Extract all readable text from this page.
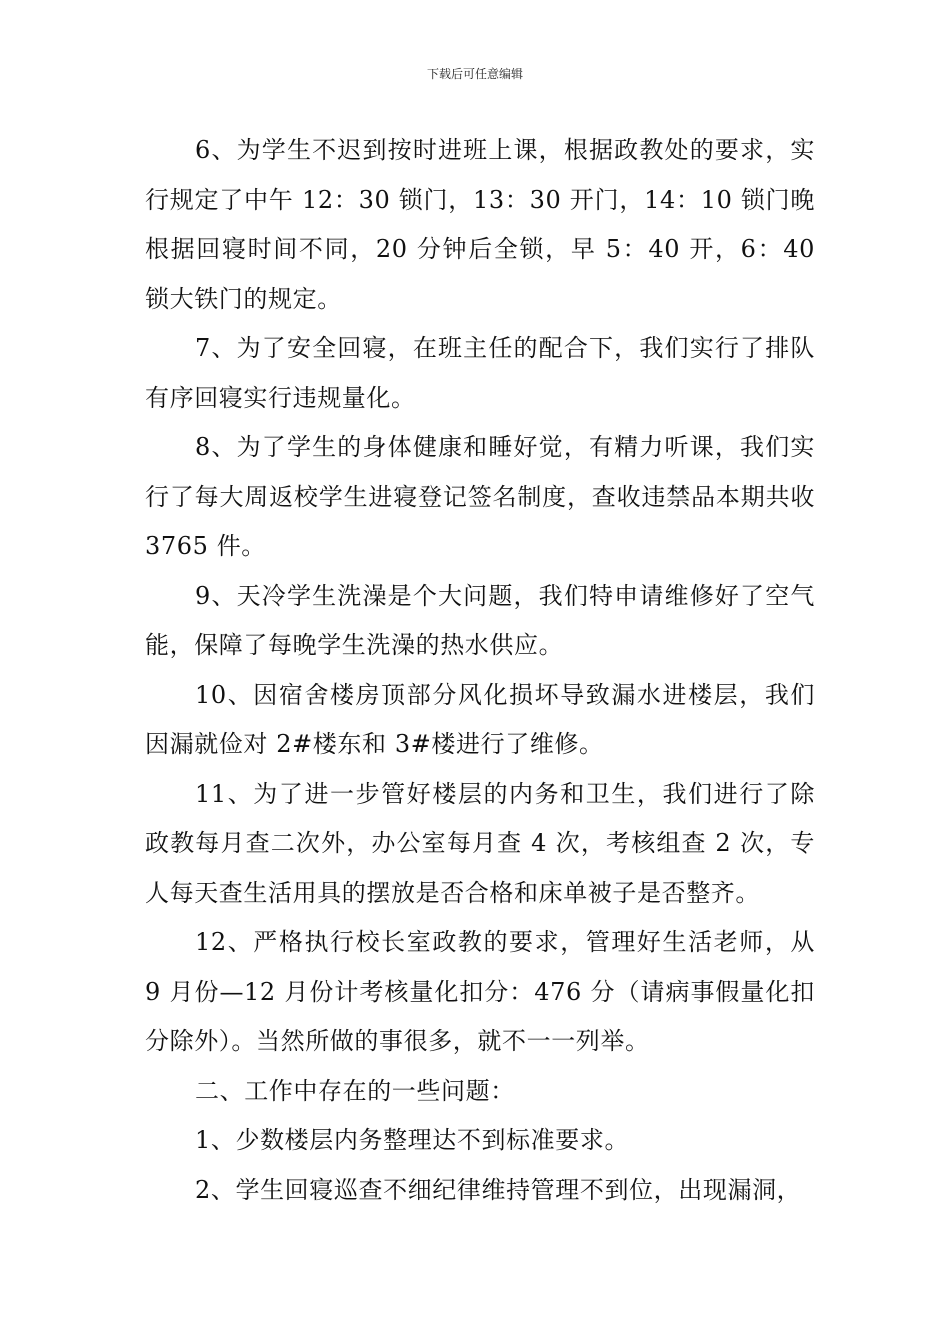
下载后可任意编辑

6、为学生不迟到按时进班上课，根据政教处的要求，实行规定了中午 12：30 锁门，13：30 开门，14：10 锁门晚根据回寝时间不同，20 分钟后全锁，早 5：40 开，6：40 锁大铁门的规定。

7、为了安全回寝，在班主任的配合下，我们实行了排队有序回寝实行违规量化。

8、为了学生的身体健康和睡好觉，有精力听课，我们实行了每大周返校学生进寝登记签名制度，查收违禁品本期共收 3765 件。

9、天冷学生洗澡是个大问题，我们特申请维修好了空气能，保障了每晚学生洗澡的热水供应。

10、因宿舍楼房顶部分风化损坏导致漏水进楼层，我们因漏就俭对 2#楼东和 3#楼进行了维修。

11、为了进一步管好楼层的内务和卫生，我们进行了除政教每月查二次外，办公室每月查 4 次，考核组查 2 次，专人每天查生活用具的摆放是否合格和床单被子是否整齐。

12、严格执行校长室政教的要求，管理好生活老师，从 9 月份—12 月份计考核量化扣分：476 分（请病事假量化扣分除外）。当然所做的事很多，就不一一列举。

二、工作中存在的一些问题：

1、少数楼层内务整理达不到标准要求。

2、学生回寝巡查不细纪律维持管理不到位，出现漏洞，
